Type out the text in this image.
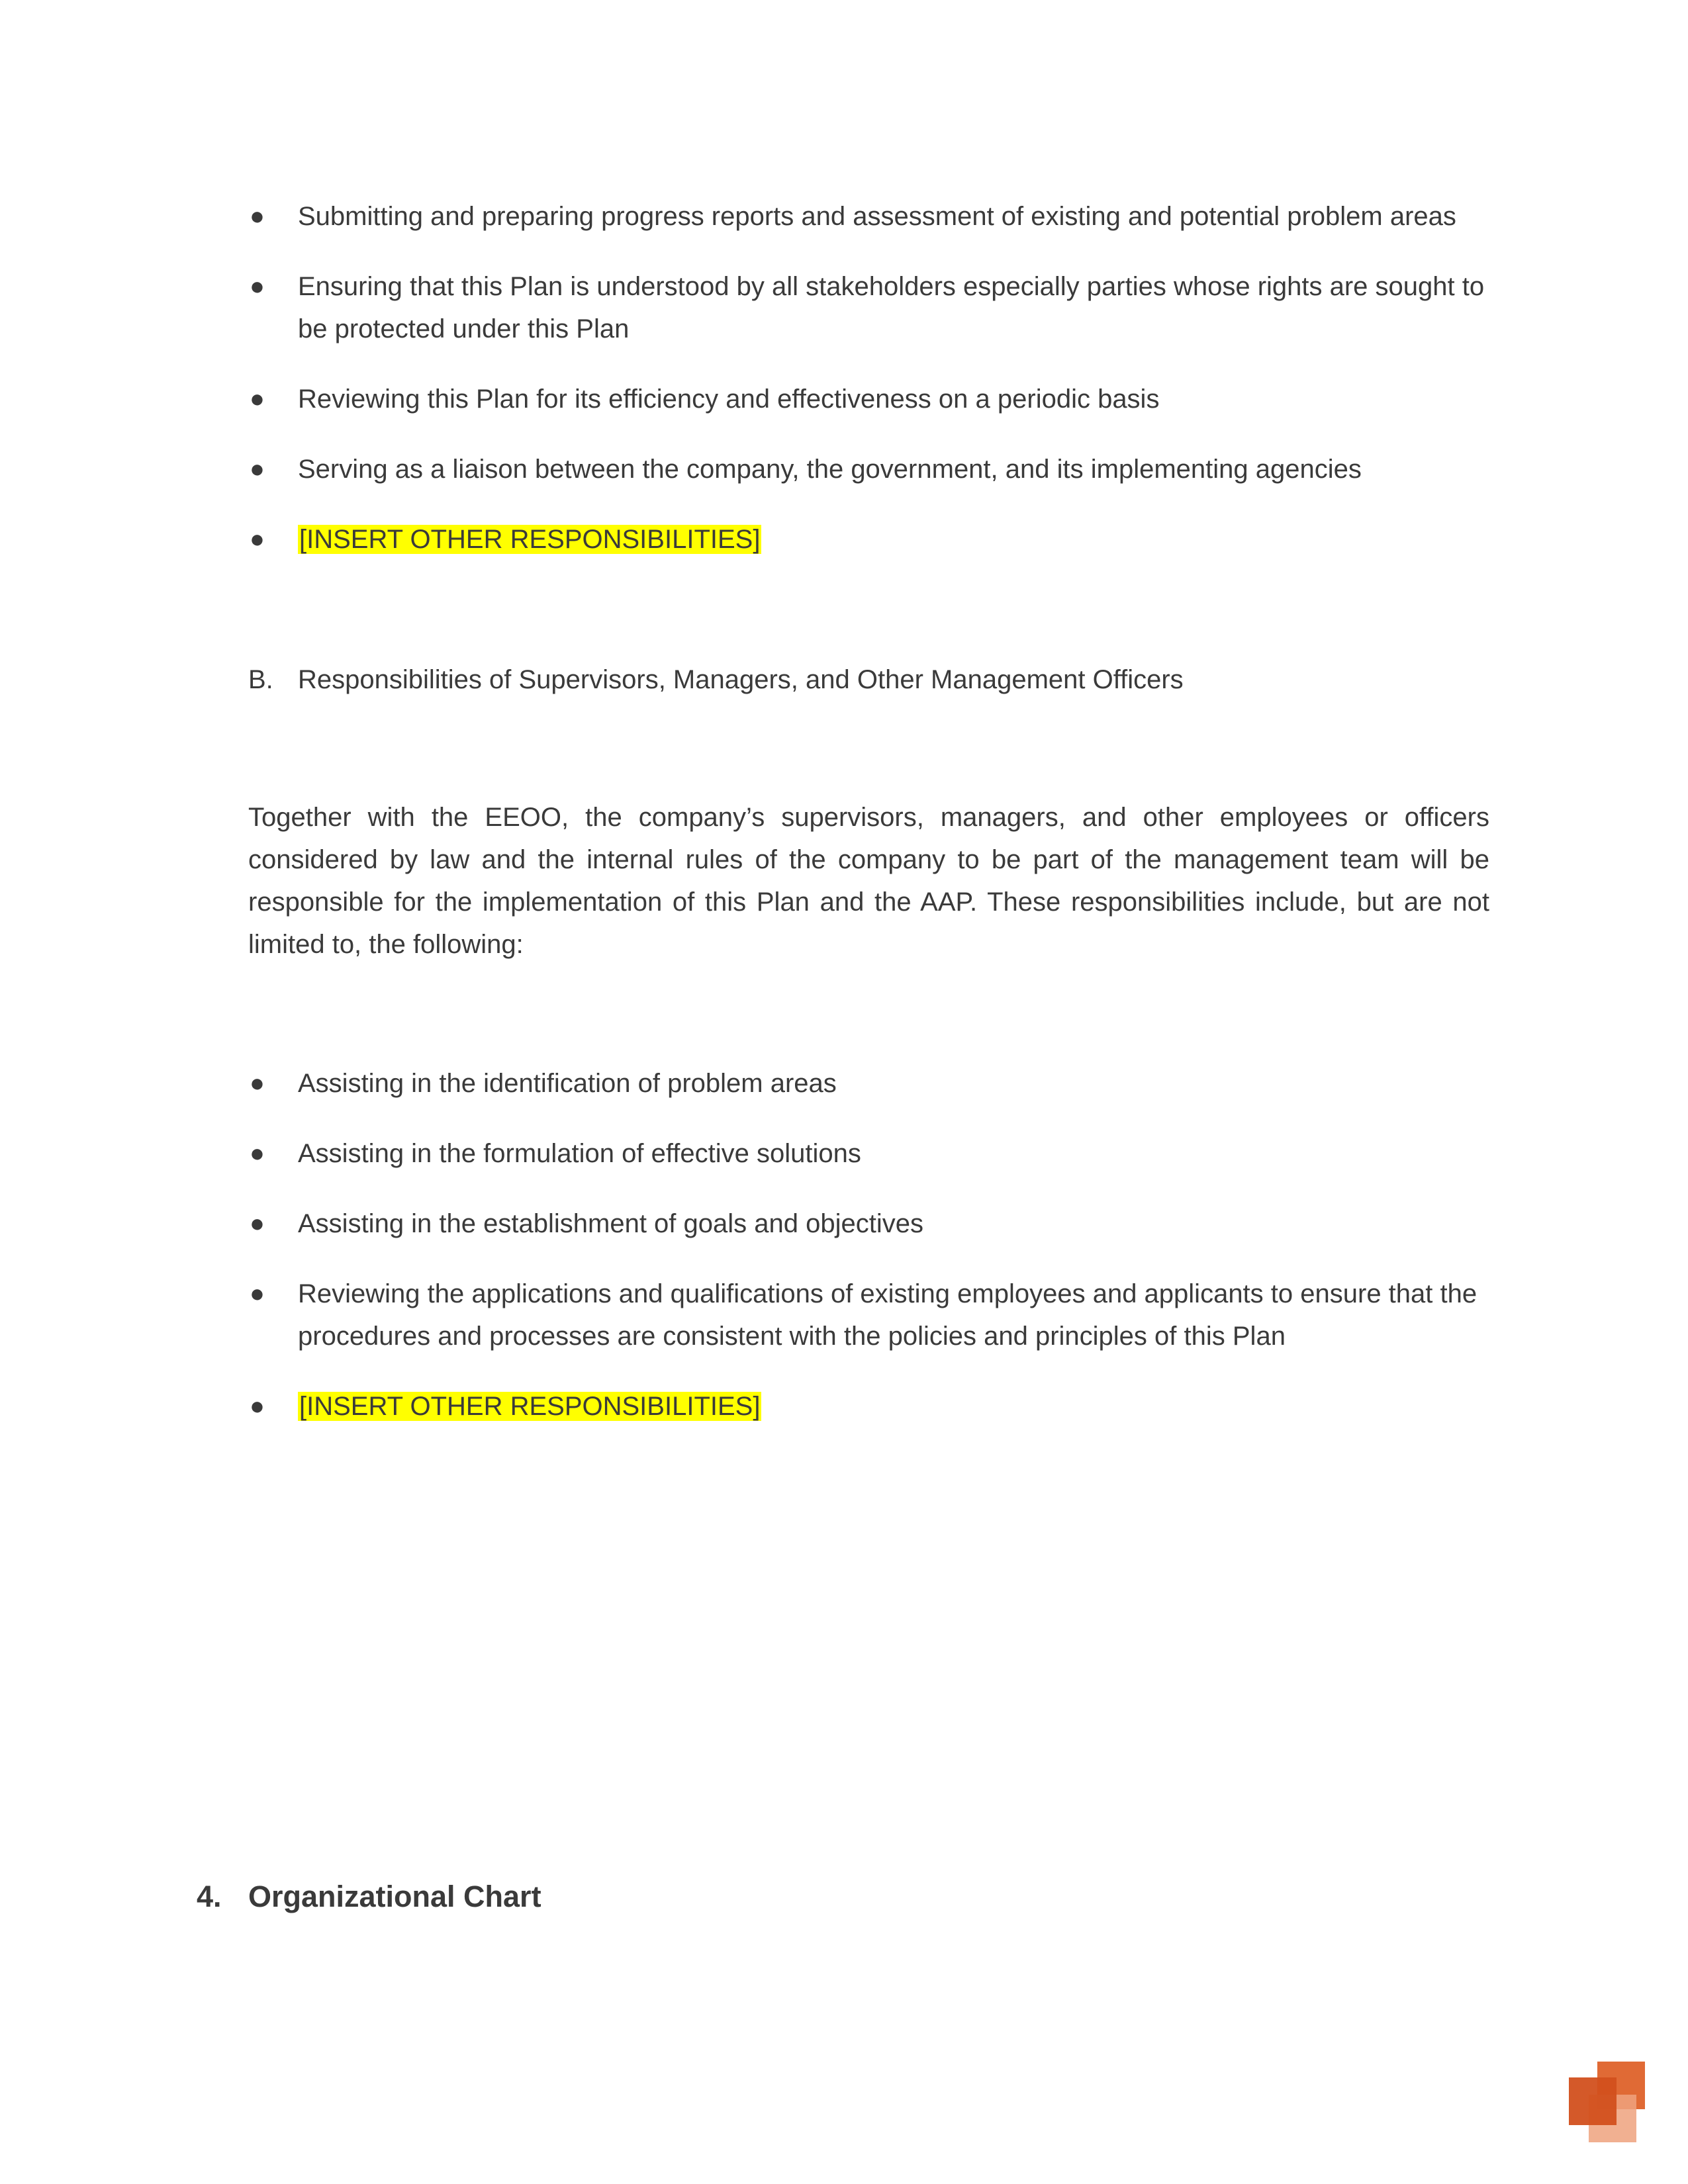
●	Submitting and preparing progress reports and assessment of existing and potential problem areas
●	Ensuring that this Plan is understood by all stakeholders especially parties whose rights are sought to be protected under this Plan
●	Reviewing this Plan for its efficiency and effectiveness on a periodic basis
●	Serving as a liaison between the company, the government, and its implementing agencies
●	[INSERT OTHER RESPONSIBILITIES]
B. Responsibilities of Supervisors, Managers, and Other Management Officers

Together with the EEOO, the company’s supervisors, managers, and other employees or officers considered by law and the internal rules of the company to be part of the management team will be responsible for the implementation of this Plan and the AAP. These responsibilities include, but are not limited to, the following:

●	Assisting in the identification of problem areas
●	Assisting in the formulation of effective solutions
●	Assisting in the establishment of goals and objectives
●	Reviewing the applications and qualifications of existing employees and applicants to ensure that the procedures and processes are consistent with the policies and principles of this Plan
●	[INSERT OTHER RESPONSIBILITIES]
4. Organizational Chart
